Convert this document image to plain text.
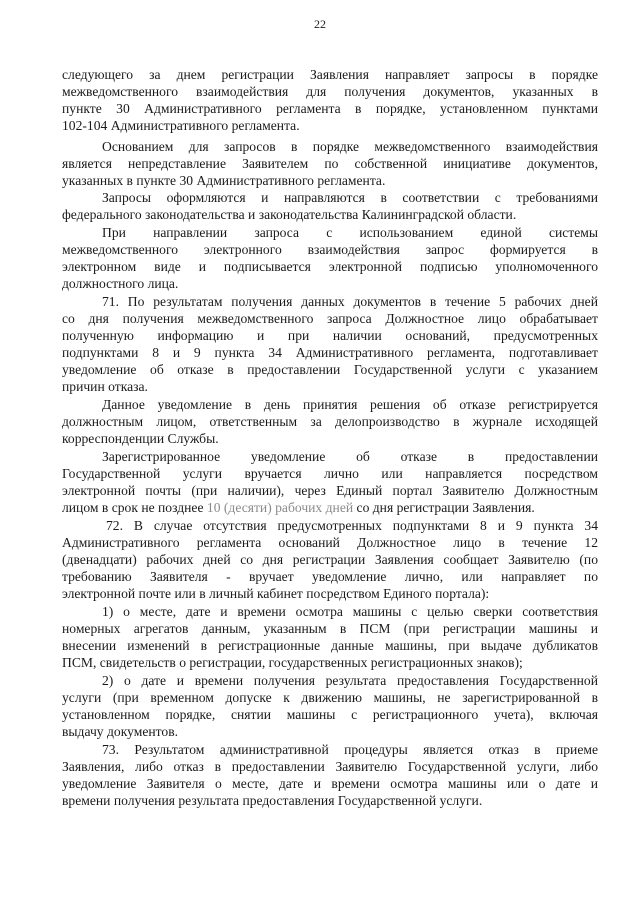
22
следующего за днем регистрации Заявления направляет запросы в порядке
межведомственного взаимодействия для получения документов, указанных в
пункте 30 Административного регламента в порядке, установленном пунктами
102-104 Административного регламента.
Основанием для запросов в порядке межведомственного взаимодействия
является непредставление Заявителем по собственной инициативе документов,
указанных в пункте 30 Административного регламента.
Запросы оформляются и направляются в соответствии с требованиями
федерального законодательства и законодательства Калининградской области.
При направлении запроса с использованием единой системы
межведомственного электронного взаимодействия запрос формируется в
электронном виде и подписывается электронной подписью уполномоченного
должностного лица.
71. По результатам получения данных документов в течение 5 рабочих дней
со дня получения межведомственного запроса Должностное лицо обрабатывает
полученную информацию и при наличии оснований, предусмотренных
подпунктами 8 и 9 пункта 34 Административного регламента, подготавливает
уведомление об отказе в предоставлении Государственной услуги с указанием
причин отказа.
Данное уведомление в день принятия решения об отказе регистрируется
должностным лицом, ответственным за делопроизводство в журнале исходящей
корреспонденции Службы.
Зарегистрированное уведомление об отказе в предоставлении
Государственной услуги вручается лично или направляется посредством
электронной почты (при наличии), через Единый портал Заявителю Должностным
лицом в срок не позднее 10 (десяти) рабочих дней со дня регистрации Заявления.
72. В случае отсутствия предусмотренных подпунктами 8 и 9 пункта 34
Административного регламента оснований Должностное лицо в течение 12
(двенадцати) рабочих дней со дня регистрации Заявления сообщает Заявителю (по
требованию Заявителя - вручает уведомление лично, или направляет по
электронной почте или в личный кабинет посредством Единого портала):
1) о месте, дате и времени осмотра машины с целью сверки соответствия
номерных агрегатов данным, указанным в ПСМ (при регистрации машины и
внесении изменений в регистрационные данные машины, при выдаче дубликатов
ПСМ, свидетельств о регистрации, государственных регистрационных знаков);
2) о дате и времени получения результата предоставления Государственной
услуги (при временном допуске к движению машины, не зарегистрированной в
установленном порядке, снятии машины с регистрационного учета), включая
выдачу документов.
73. Результатом административной процедуры является отказ в приеме
Заявления, либо отказ в предоставлении Заявителю Государственной услуги, либо
уведомление Заявителя о месте, дате и времени осмотра машины или о дате и
времени получения результата предоставления Государственной услуги.
